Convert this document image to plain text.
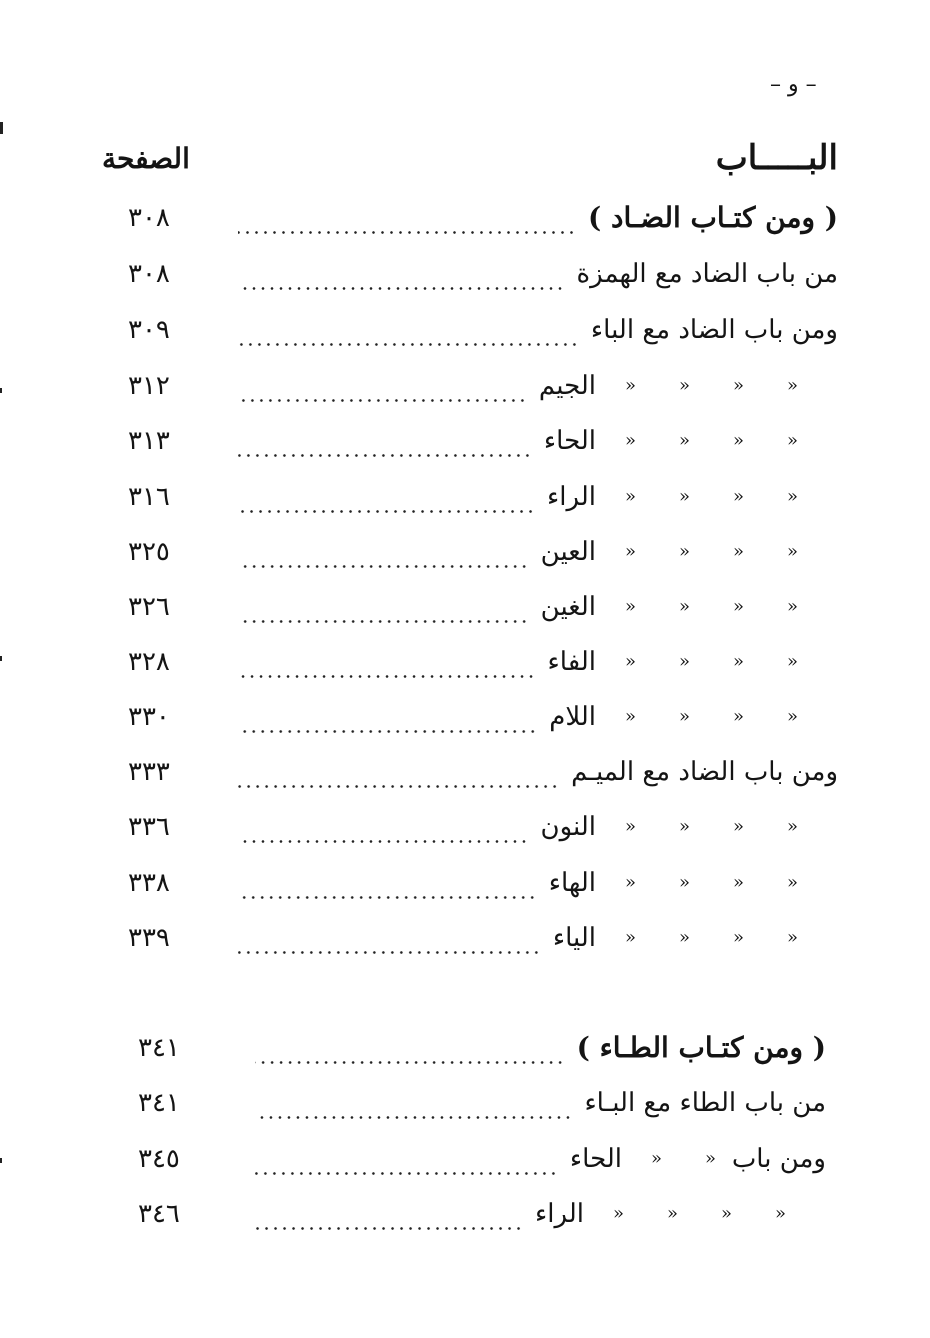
– و –
البـــــاب
الصفحة
( ومن كتـاب الضـاد )
٣٠٨
من باب الضاد مع الهمزة
٣٠٨
ومن باب الضاد مع الباء
٣٠٩
»
»
»
»
الجيم
٣١٢
»
»
»
»
الحاء
٣١٣
»
»
»
»
الراء
٣١٦
»
»
»
»
العين
٣٢٥
»
»
»
»
الغين
٣٢٦
»
»
»
»
الفاء
٣٢٨
»
»
»
»
اللام
٣٣٠
ومن باب الضاد مع الميـم
٣٣٣
»
»
»
»
النون
٣٣٦
»
»
»
»
الهاء
٣٣٨
»
»
»
»
الياء
٣٣٩
( ومن كتـاب الطـاء )
٣٤١
من باب الطاء مع البـاء
٣٤١
ومن باب
»
»
الحاء
٣٤٥
»
»
»
»
الراء
٣٤٦
